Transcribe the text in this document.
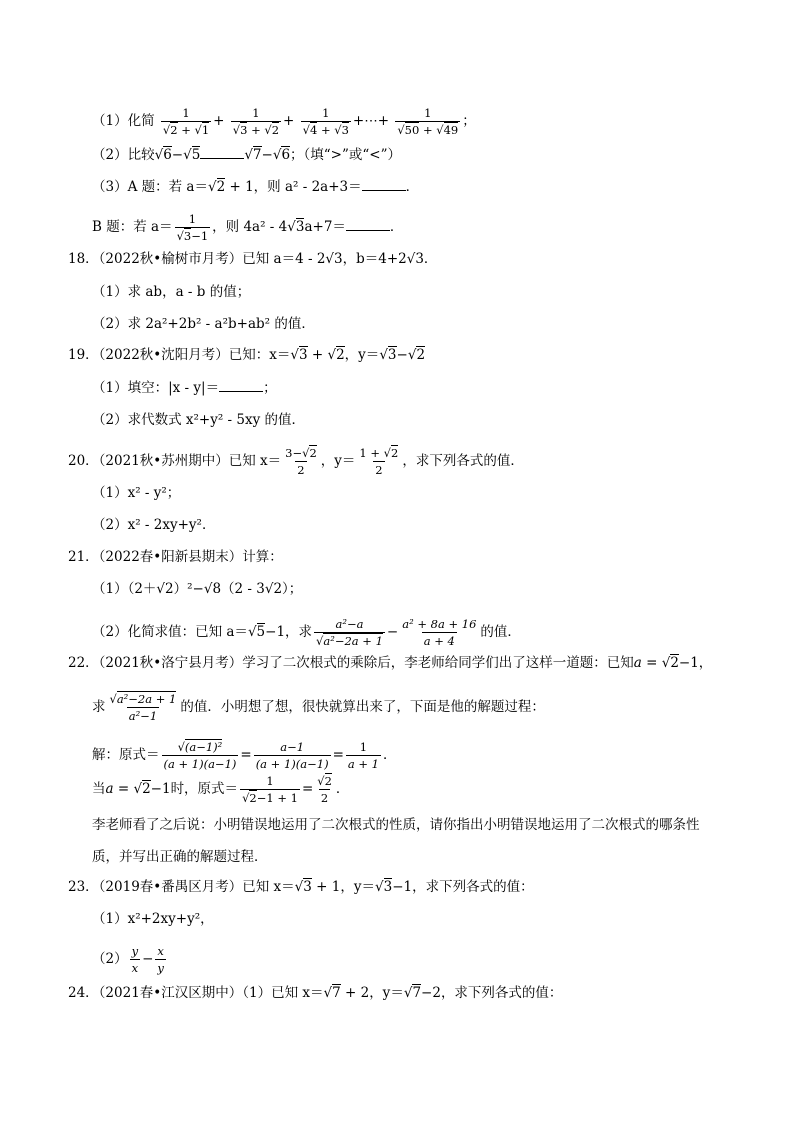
（1）化简 $\frac{1}{√2 + √1} + \frac{1}{√3 + √2} + \frac{1}{√4 + √3}$ +⋯+ $\frac{1}{√50 + √49}$ ；
（2）比较√6−√5	√7−√6；（填“>”或“<”）
（3）A 题：若 a＝√2 + 1，则 a² - 2a+3＝	．
B 题：若 $a= \frac{1}{√3-1}$ ，则 4a² - 4√3a+7＝	．
18．（2022秋•榆树市月考）已知 a＝4 - 2√3，b＝4+2√3．
（1）求 ab，a - b 的值；
（2）求 2a²+2b² - a²b+ab² 的值．
19．（2022秋•沈阳月考）已知：x＝√3 + √2，y＝√3−√2
（1）填空：|x - y|＝	；
（2）求代数式 x²+y² - 5xy 的值．
20．（2021秋•苏州期中）已知 $x= \frac{3-√2}{2}$ ，$y= \frac{1 + √2}{2}$ ，求下列各式的值．
（1）x² - y²；
（2）x² - 2xy+y²．
21．（2022春•阳新县期末）计算：
（1）（2＋√2）²−√8（2 - 3√2）；
（2）化简求值：已知 a＝√5−1，求 $\frac{\text{a²−a}}{\text{√a²−2a + 1}} - \frac{\text{a² + 8a + 16}}{a + 4}$ 的值．
22．（2021秋•洛宁县月考）学习了二次根式的乘除后，李老师给同学们出了这样一道题：已知a = √2−1，
求 $\frac{\text{√a²−2a + 1}}{\text{a²−1}}$ 的值．小明想了想，很快就算出来了，下面是他的解题过程：
解：原式＝ $\frac{\text{√(a−1)²}}{(a + 1)(a-1)} = \frac{a-1}{(a + 1)(a-1)} = \frac{1}{a + 1}$ ．
当a = √2−1时，原式＝ $\frac{1}{√2-1 + 1} = \frac{√2}{2}$ ．
李老师看了之后说：小明错误地运用了二次根式的性质，请你指出小明错误地运用了二次根式的哪条性
质，并写出正确的解题过程．
23．（2019春•番禺区月考）已知 x＝√3 + 1，y＝√3−1，求下列各式的值：
（1）x²+2xy+y²，
$(2) \frac{y}{x} - \frac{x}{y}$
24．（2021春•江汉区期中）（1）已知 x＝√7 + 2，y＝√7−2，求下列各式的值：
